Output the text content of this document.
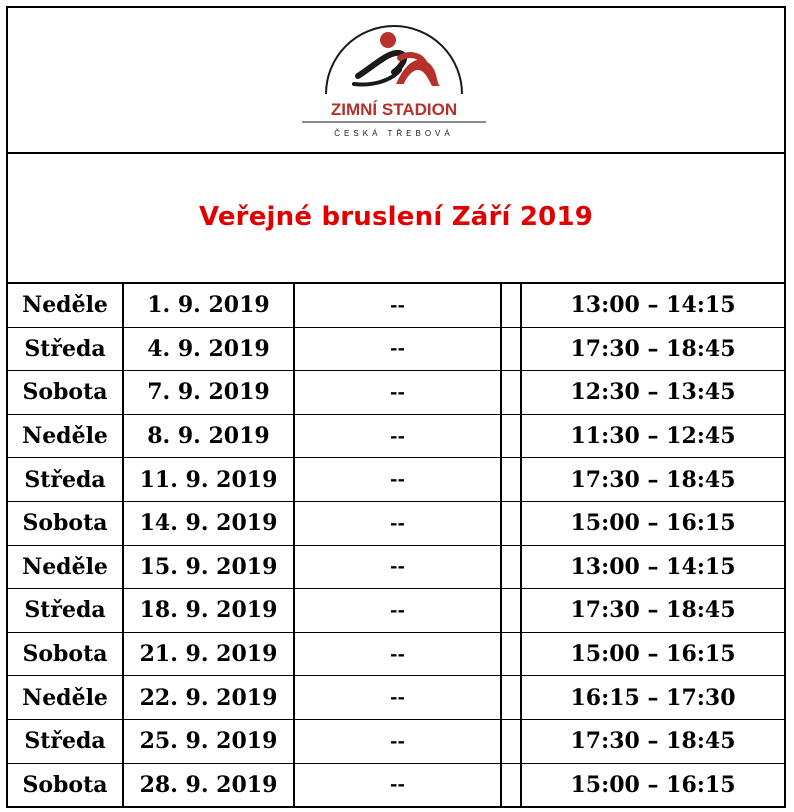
ZIMNÍ STADION
ČESKÁ TŘEBOVÁ
Veřejné bruslení Září 2019
Neděle	1. 9. 2019	--		13:00 – 14:15
Středa	4. 9. 2019	--		17:30 – 18:45
Sobota	7. 9. 2019	--		12:30 – 13:45
Neděle	8. 9. 2019	--		11:30 – 12:45
Středa	11. 9. 2019	--		17:30 – 18:45
Sobota	14. 9. 2019	--		15:00 – 16:15
Neděle	15. 9. 2019	--		13:00 – 14:15
Středa	18. 9. 2019	--		17:30 – 18:45
Sobota	21. 9. 2019	--		15:00 – 16:15
Neděle	22. 9. 2019	--		16:15 – 17:30
Středa	25. 9. 2019	--		17:30 – 18:45
Sobota	28. 9. 2019	--		15:00 – 16:15
